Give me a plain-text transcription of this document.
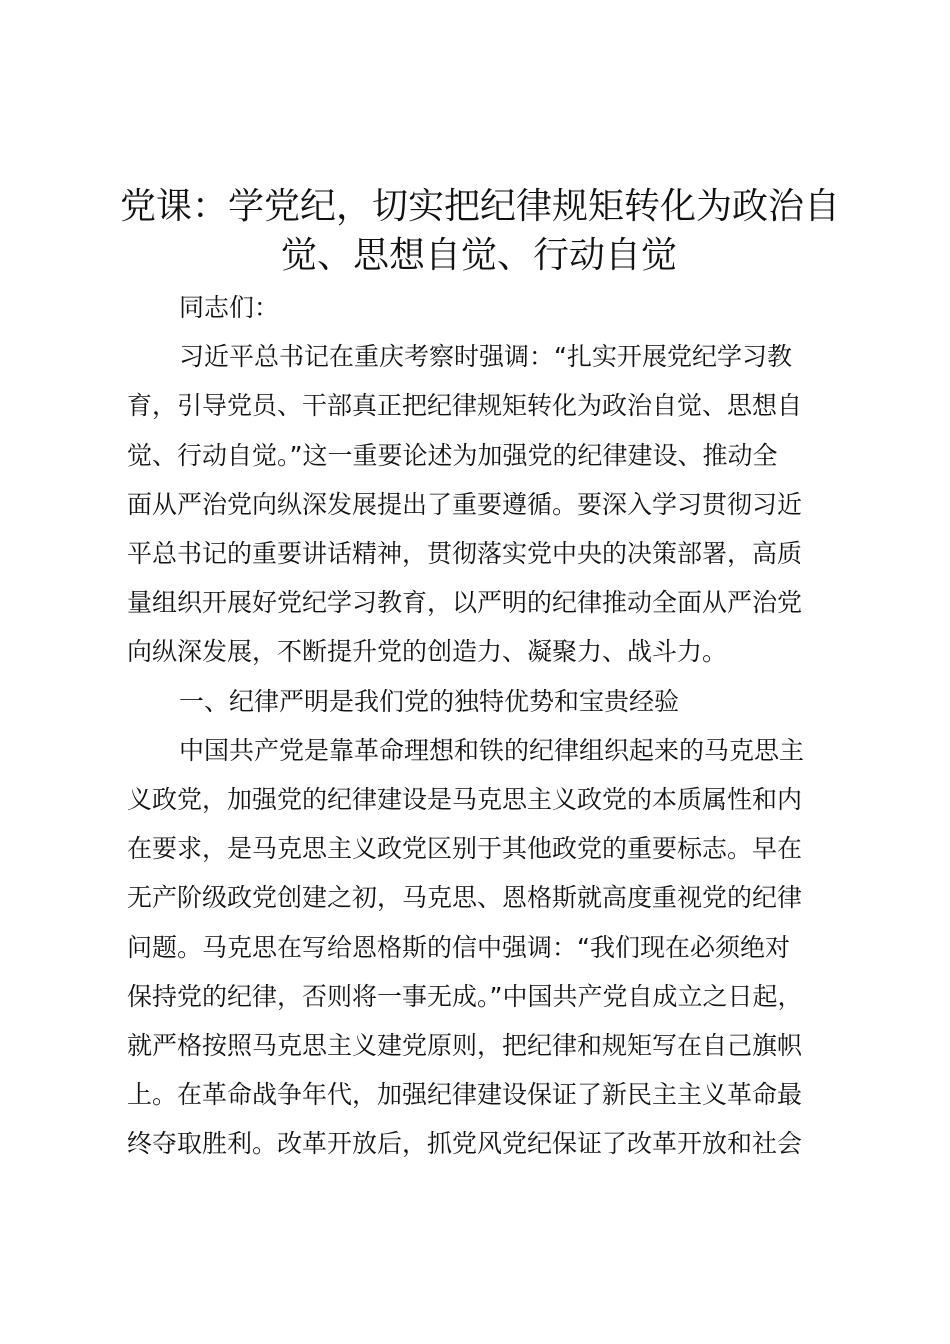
党课：学党纪，切实把纪律规矩转化为政治自
觉、思想自觉、行动自觉

同志们：

习近平总书记在重庆考察时强调：“扎实开展党纪学习教

育，引导党员、干部真正把纪律规矩转化为政治自觉、思想自

觉、行动自觉。”这一重要论述为加强党的纪律建设、推动全

面从严治党向纵深发展提出了重要遵循。要深入学习贯彻习近

平总书记的重要讲话精神，贯彻落实党中央的决策部署，高质

量组织开展好党纪学习教育，以严明的纪律推动全面从严治党

向纵深发展，不断提升党的创造力、凝聚力、战斗力。

一、纪律严明是我们党的独特优势和宝贵经验

中国共产党是靠革命理想和铁的纪律组织起来的马克思主

义政党，加强党的纪律建设是马克思主义政党的本质属性和内

在要求，是马克思主义政党区别于其他政党的重要标志。早在

无产阶级政党创建之初，马克思、恩格斯就高度重视党的纪律

问题。马克思在写给恩格斯的信中强调：“我们现在必须绝对

保持党的纪律，否则将一事无成。”中国共产党自成立之日起，

就严格按照马克思主义建党原则，把纪律和规矩写在自己旗帜

上。在革命战争年代，加强纪律建设保证了新民主主义革命最

终夺取胜利。改革开放后，抓党风党纪保证了改革开放和社会
